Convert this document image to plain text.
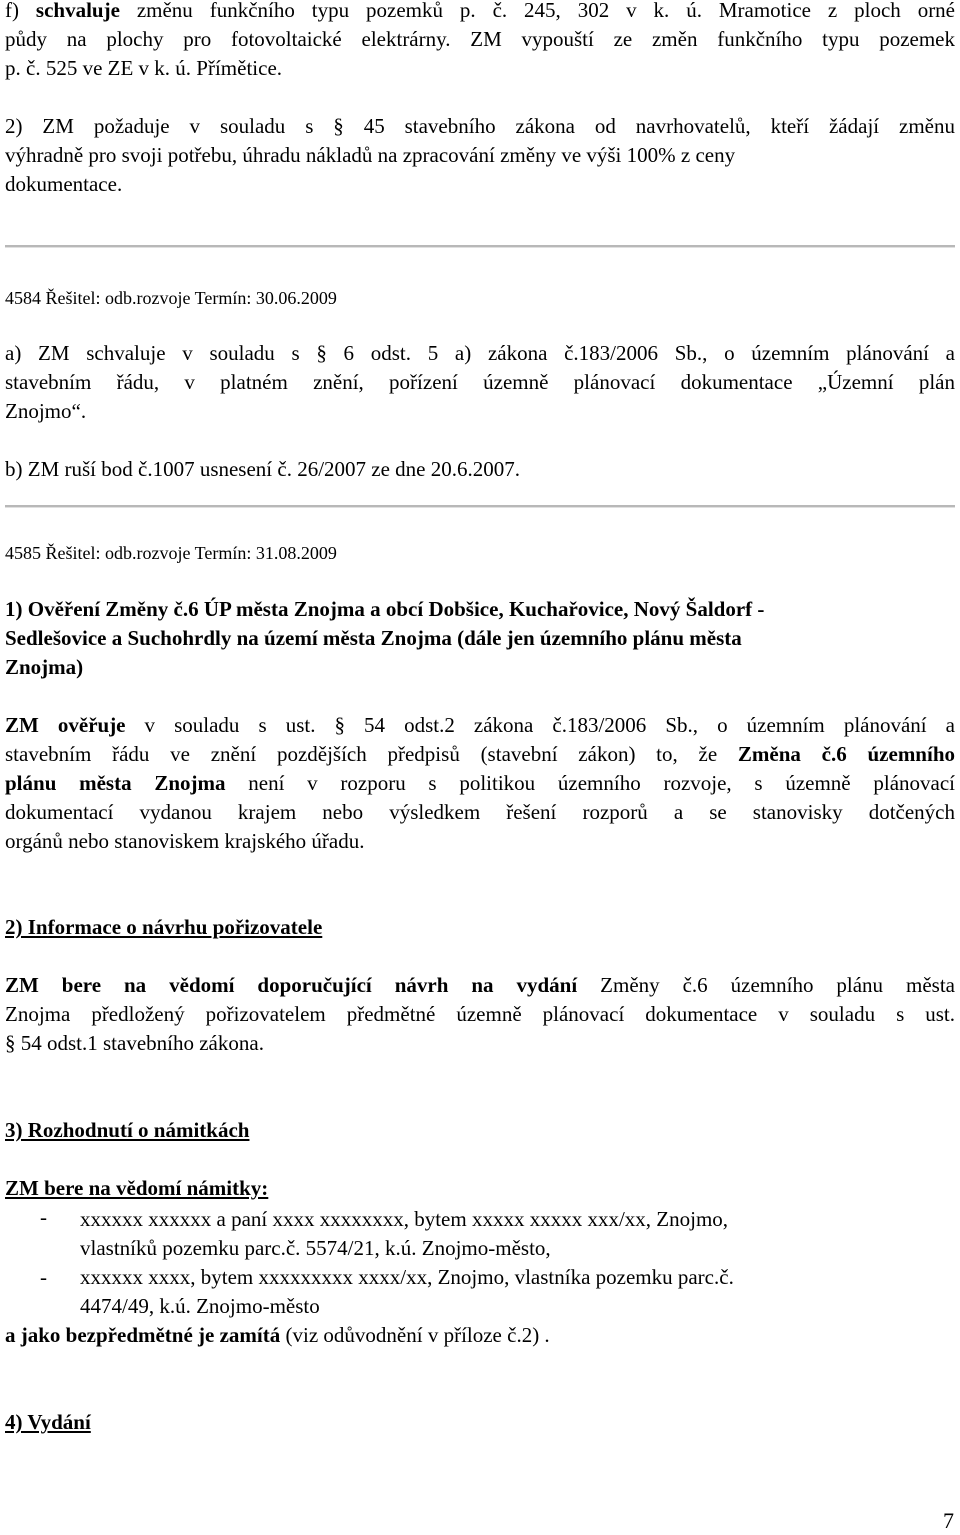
f) schvaluje změnu funkčního typu pozemků p. č. 245, 302 v k. ú. Mramotice z ploch orné

půdy na plochy pro fotovoltaické elektrárny. ZM vypouští ze změn funkčního typu pozemek

p. č. 525 ve ZE v k. ú. Přímětice.

2) ZM požaduje v souladu s § 45 stavebního zákona od navrhovatelů, kteří žádají změnu

výhradně pro svoji potřebu, úhradu nákladů na zpracování změny ve výši 100% z ceny

dokumentace.

4584 Řešitel: odb.rozvoje Termín: 30.06.2009

a) ZM schvaluje v souladu s § 6 odst. 5 a) zákona č.183/2006 Sb., o územním plánování a

stavebním řádu, v platném znění, pořízení územně plánovací dokumentace „Územní plán

Znojmo“.

b) ZM ruší bod č.1007 usnesení č. 26/2007 ze dne 20.6.2007.

4585 Řešitel: odb.rozvoje Termín: 31.08.2009

1) Ověření Změny č.6 ÚP města Znojma a obcí Dobšice, Kuchařovice, Nový Šaldorf -

Sedlešovice a Suchohrdly na území města Znojma (dále jen územního plánu města

Znojma)

ZM ověřuje v souladu s ust. § 54 odst.2 zákona č.183/2006 Sb., o územním plánování a

stavebním řádu ve znění pozdějších předpisů (stavební zákon) to, že Změna č.6 územního

plánu města Znojma není v rozporu s politikou územního rozvoje, s územně plánovací

dokumentací vydanou krajem nebo výsledkem řešení rozporů a se stanovisky dotčených

orgánů nebo stanoviskem krajského úřadu.

2) Informace o návrhu pořizovatele

ZM bere na vědomí doporučující návrh na vydání Změny č.6 územního plánu města

Znojma předložený pořizovatelem předmětné územně plánovací dokumentace v souladu s ust.

§ 54 odst.1 stavebního zákona.

3) Rozhodnutí o námitkách

ZM bere na vědomí námitky:

- xxxxxx xxxxxx a paní xxxx xxxxxxxx, bytem xxxxx xxxxx xxx/xx, Znojmo,

vlastníků pozemku parc.č. 5574/21, k.ú. Znojmo-město,

- xxxxxx xxxx, bytem xxxxxxxxx xxxx/xx, Znojmo, vlastníka pozemku parc.č.

4474/49, k.ú. Znojmo-město

a jako bezpředmětné je zamítá (viz odůvodnění v příloze č.2) .

4) Vydání

7
